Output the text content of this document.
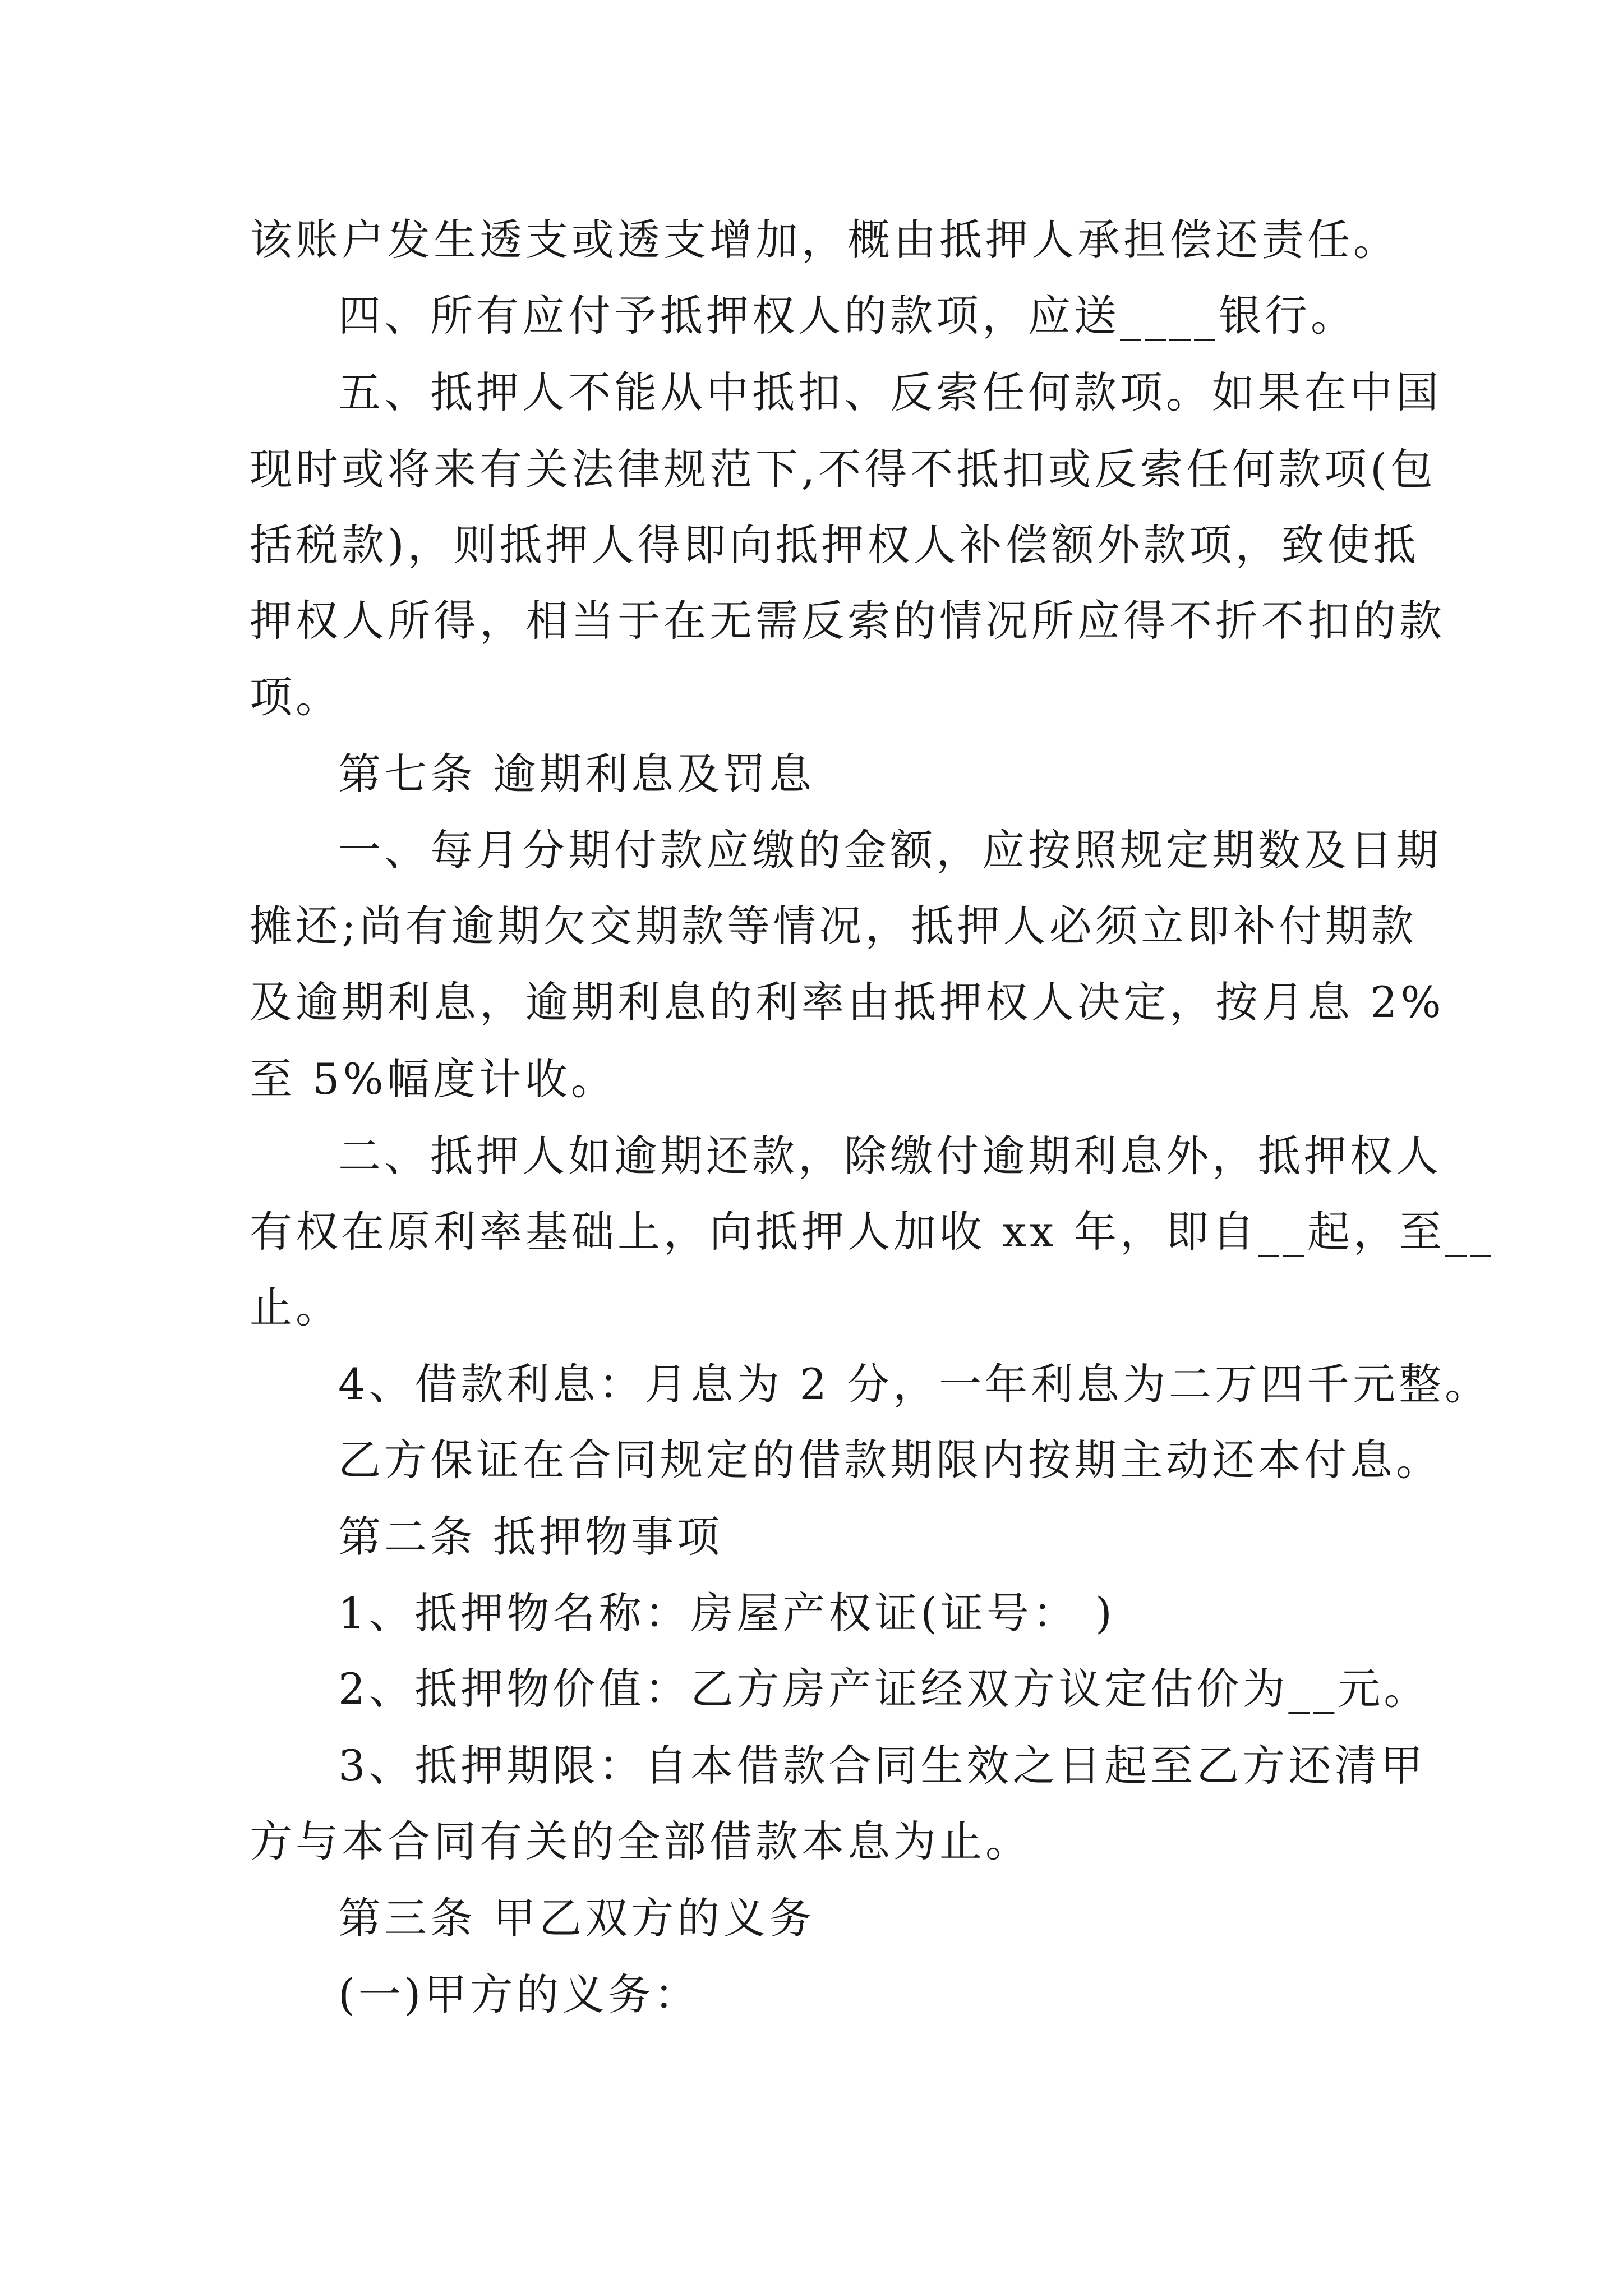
该账户发生透支或透支增加，概由抵押人承担偿还责任。
四、所有应付予抵押权人的款项，应送____银行。
五、抵押人不能从中抵扣、反索任何款项。如果在中国
现时或将来有关法律规范下,不得不抵扣或反索任何款项(包
括税款)，则抵押人得即向抵押权人补偿额外款项，致使抵
押权人所得，相当于在无需反索的情况所应得不折不扣的款
项。
第七条 逾期利息及罚息
一、每月分期付款应缴的金额，应按照规定期数及日期
摊还;尚有逾期欠交期款等情况，抵押人必须立即补付期款
及逾期利息，逾期利息的利率由抵押权人决定，按月息 2%
至 5%幅度计收。
二、抵押人如逾期还款，除缴付逾期利息外，抵押权人
有权在原利率基础上，向抵押人加收 xx 年，即自__起，至__
止。
4、借款利息：月息为 2 分，一年利息为二万四千元整。
乙方保证在合同规定的借款期限内按期主动还本付息。
第二条 抵押物事项
1、抵押物名称：房屋产权证(证号： )
2、抵押物价值：乙方房产证经双方议定估价为__元。
3、抵押期限：自本借款合同生效之日起至乙方还清甲
方与本合同有关的全部借款本息为止。
第三条 甲乙双方的义务
(一)甲方的义务：
